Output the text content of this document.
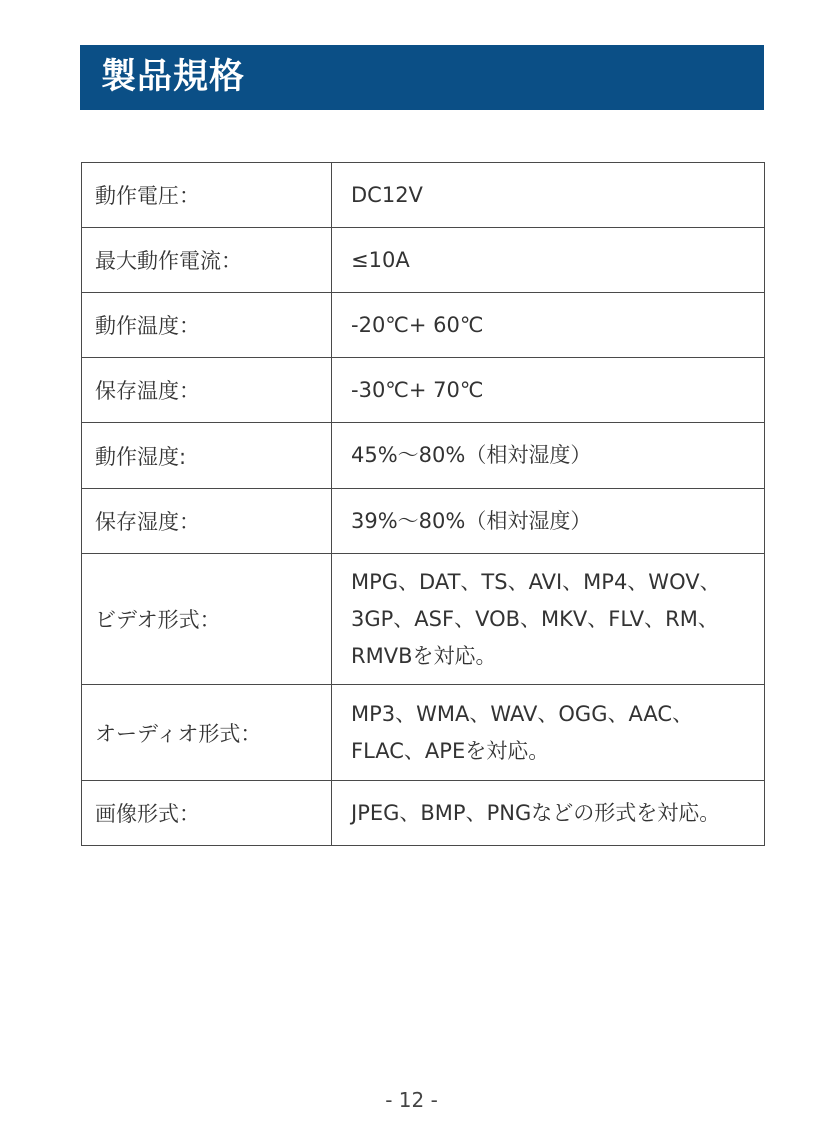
製品規格
動作電圧：	DC12V

最大動作電流：	≤10A

動作温度：	-20℃+ 60℃

保存温度：	-30℃+ 70℃

動作湿度:	45%～80%（相対湿度）

保存湿度：	39%～80%（相対湿度）

ビデオ形式：	MPG、DAT、TS、AVI、MP4、WOV、
3GP、ASF、VOB、MKV、FLV、RM、
RMVBを対応。

オーディオ形式：	MP3、WMA、WAV、OGG、AAC、
FLAC、APEを対応。

画像形式：	JPEG、BMP、PNGなどの形式を対応。
- 12 -
